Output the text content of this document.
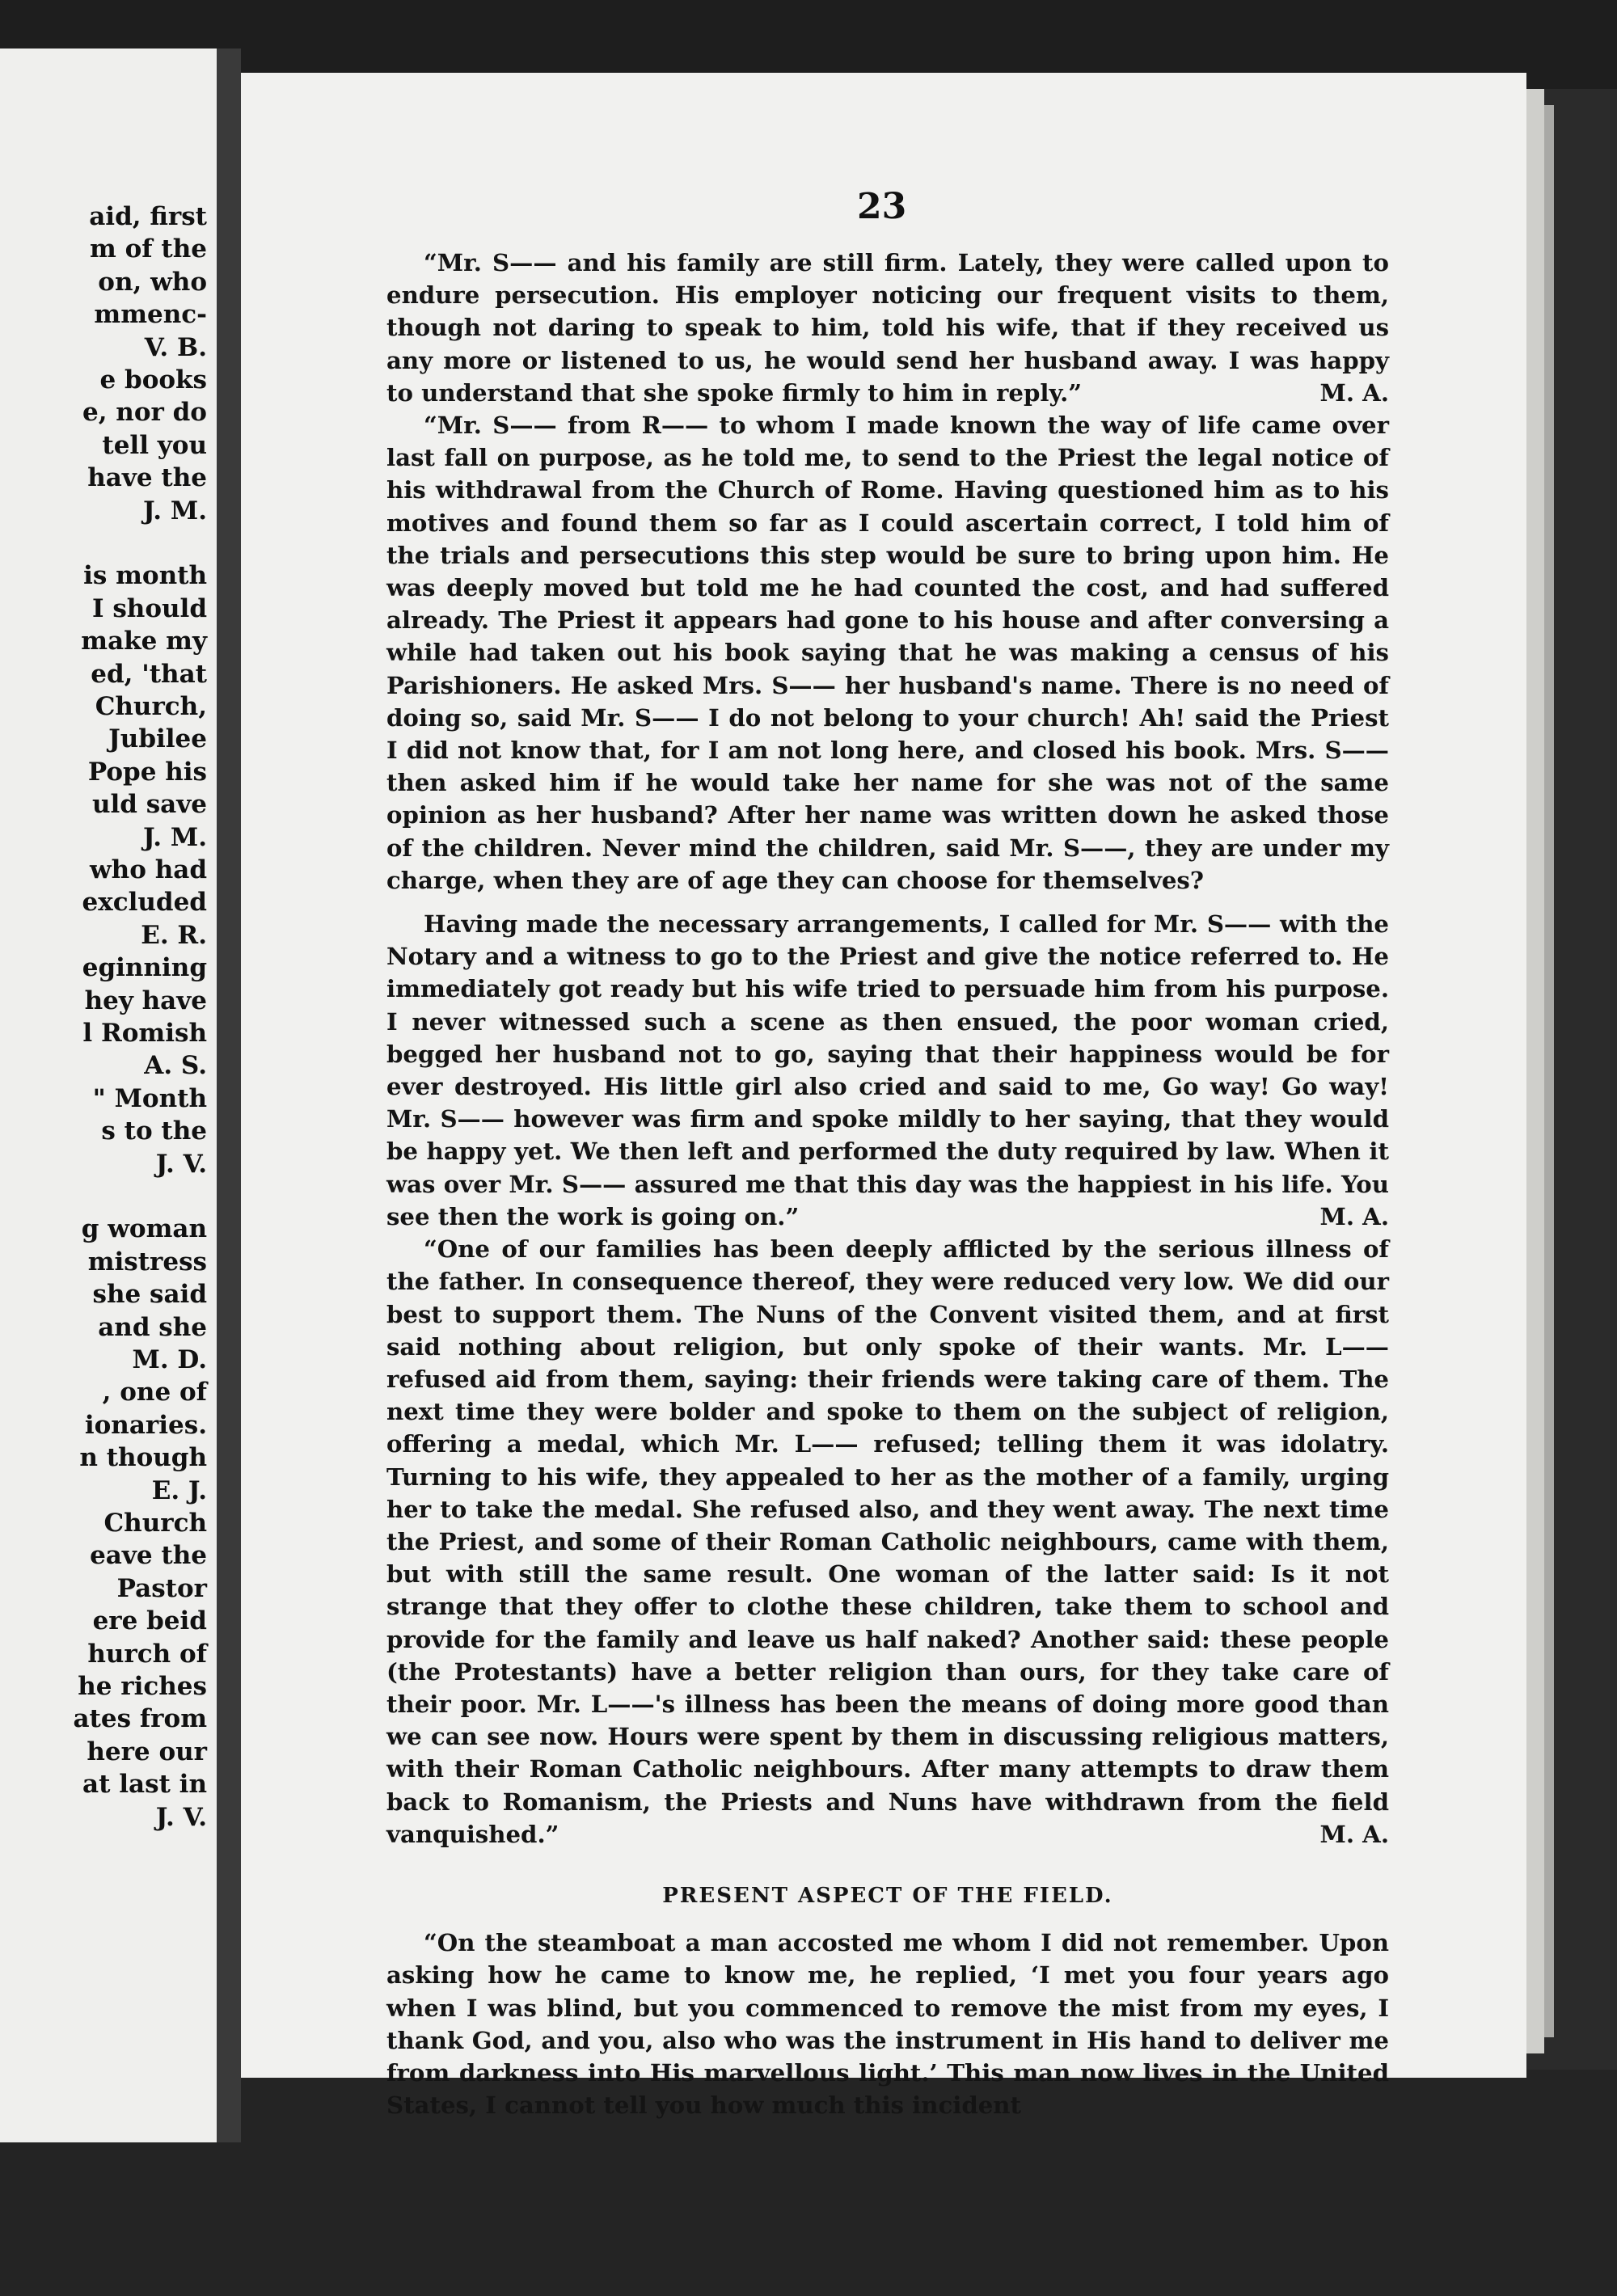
aid, first
m of the
on, who
mmenc-
V. B.
e books
e, nor do
tell you
have the
J. M.
is month
I should
make my
ed, 'that
Church,
Jubilee
Pope his
uld save
J. M.
who had
excluded
E. R.
eginning
hey have
l Romish
A. S.
" Month
s to the
J. V.
g woman
mistress
she said
and she
M. D.
, one of
ionaries.
n though
E. J.
Church
eave the
Pastor
ere beid
hurch of
he riches
ates from
here our
at last in
J. V.
23

“Mr. S—— and his family are still firm. Lately, they were called upon to endure persecution. His employer noticing our frequent visits to them, though not daring to speak to him, told his wife, that if they received us any more or listened to us, he would send her husband away. I was happy to understand that she spoke firmly to him in reply.”	M. A.

“Mr. S—— from R—— to whom I made known the way of life came over last fall on purpose, as he told me, to send to the Priest the legal notice of his withdrawal from the Church of Rome. Having questioned him as to his motives and found them so far as I could ascertain correct, I told him of the trials and persecutions this step would be sure to bring upon him. He was deeply moved but told me he had counted the cost, and had suffered already. The Priest it appears had gone to his house and after conversing a while had taken out his book saying that he was making a census of his Parishioners. He asked Mrs. S—— her husband's name. There is no need of doing so, said Mr. S—— I do not belong to your church! Ah! said the Priest I did not know that, for I am not long here, and closed his book. Mrs. S—— then asked him if he would take her name for she was not of the same opinion as her husband? After her name was written down he asked those of the children. Never mind the children, said Mr. S——, they are under my charge, when they are of age they can choose for themselves?

Having made the necessary arrangements, I called for Mr. S—— with the Notary and a witness to go to the Priest and give the notice referred to. He immediately got ready but his wife tried to persuade him from his purpose. I never witnessed such a scene as then ensued, the poor woman cried, begged her husband not to go, saying that their happiness would be for ever destroyed. His little girl also cried and said to me, Go way! Go way! Mr. S—— however was firm and spoke mildly to her saying, that they would be happy yet. We then left and performed the duty required by law. When it was over Mr. S—— assured me that this day was the happiest in his life. You see then the work is going on.”	M. A.

“One of our families has been deeply afflicted by the serious illness of the father. In consequence thereof, they were reduced very low. We did our best to support them. The Nuns of the Convent visited them, and at first said nothing about religion, but only spoke of their wants. Mr. L—— refused aid from them, saying: their friends were taking care of them. The next time they were bolder and spoke to them on the subject of religion, offering a medal, which Mr. L—— refused; telling them it was idolatry. Turning to his wife, they appealed to her as the mother of a family, urging her to take the medal. She refused also, and they went away. The next time the Priest, and some of their Roman Catholic neighbours, came with them, but with still the same result. One woman of the latter said: Is it not strange that they offer to clothe these children, take them to school and provide for the family and leave us half naked? Another said: these people (the Protestants) have a better religion than ours, for they take care of their poor. Mr. L——'s illness has been the means of doing more good than we can see now. Hours were spent by them in discussing religious matters, with their Roman Catholic neighbours. After many attempts to draw them back to Romanism, the Priests and Nuns have withdrawn from the field vanquished.”	M. A.

PRESENT ASPECT OF THE FIELD.

“On the steamboat a man accosted me whom I did not remember. Upon asking how he came to know me, he replied, ‘I met you four years ago when I was blind, but you commenced to remove the mist from my eyes, I thank God, and you, also who was the instrument in His hand to deliver me from darkness into His marvellous light.’ This man now lives in the United States, I cannot tell you how much this incident
